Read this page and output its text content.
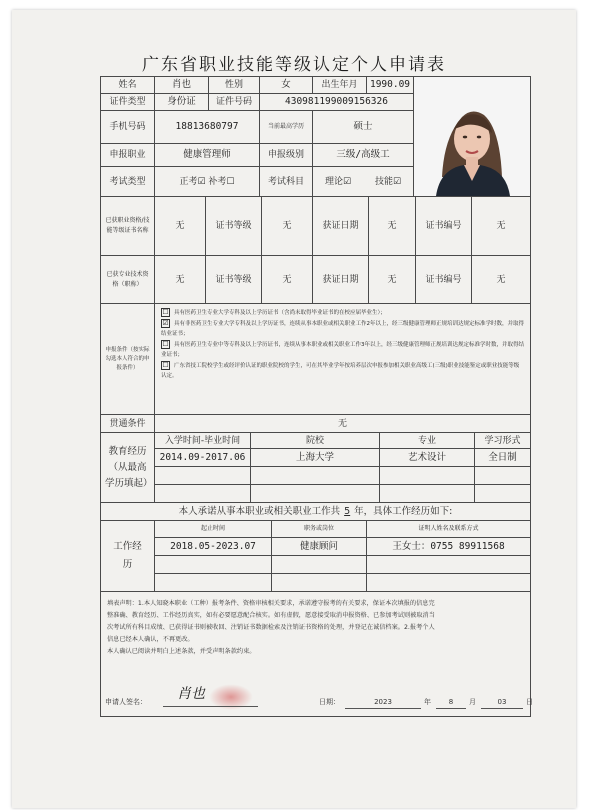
广东省职业技能等级认定个人申请表
姓名	肖也	性别	女	出生年月	1990.09
证件类型	身份证	证件号码	430981199009156326
手机号码	18813680797	当前最高学历	硕士
申报职业	健康管理师	申报级别	三级/高级工
考试类型	正考☑ 补考☐	考试科目	理论☑	技能☑
已获职业资格/技能等级证书名称	无	证书等级	无	获证日期	无	证书编号	无
已获专业技术资格（职称）	无	证书等级	无	获证日期	无	证书编号	无
申报条件（按实际勾选本人符合的申报条件）
☐ 具有医药卫生专业大学专科及以上学历证书（含尚未取得毕业证书的在校应届毕业生）；
☑ 具有非医药卫生专业大学专科及以上学历证书，连续从事本职业或相关职业工作2年以上，经三级健康管理师正规培训达规定标准学时数，并取得结业证书；
☐ 具有医药卫生专业中等专科及以上学历证书，连续从事本职业或相关职业工作3年以上，经三级健康管理师正规培训达规定标准学时数，并取得结业证书；
☐ 广东省技工院校学生或经评价认证的职业院校的学生，可在其毕业学年按培养层次申报参加相关职业高级工(三级)职业技能鉴定或职业技能等级认定。
贯通条件	无
教育经历（从最高学历填起）
入学时间-毕业时间	院校	专业	学习形式
2014.09-2017.06	上海大学	艺术设计	全日制
本人承诺从事本职业或相关职业工作共 5 年，具体工作经历如下:
工作经历
起止时间	职务或岗位	证明人姓名及联系方式
2018.05-2023.07	健康顾问	王女士：0755 89911568
填表声明：1.本人知晓本职业（工种）报考条件、资格审核相关要求，承诺遵守报考的有关要求，保证本次填报的信息完
整准确、教育经历、工作经历真实，如有必要愿意配合核实。如有虚假，愿意接受取消申报资格、已参加考试则被取消当
次考试所有科目成绩、已获得证书则被收回、注销证书数据检索及注销证书资格的处理，并登记在诚信档案。2.报考个人
信息已经本人确认，不再更改。
本人确认已阅读并明白上述条款，并受声明条款约束。
申请人签名： 肖也	日期：	2023	年	8	月	03	日
